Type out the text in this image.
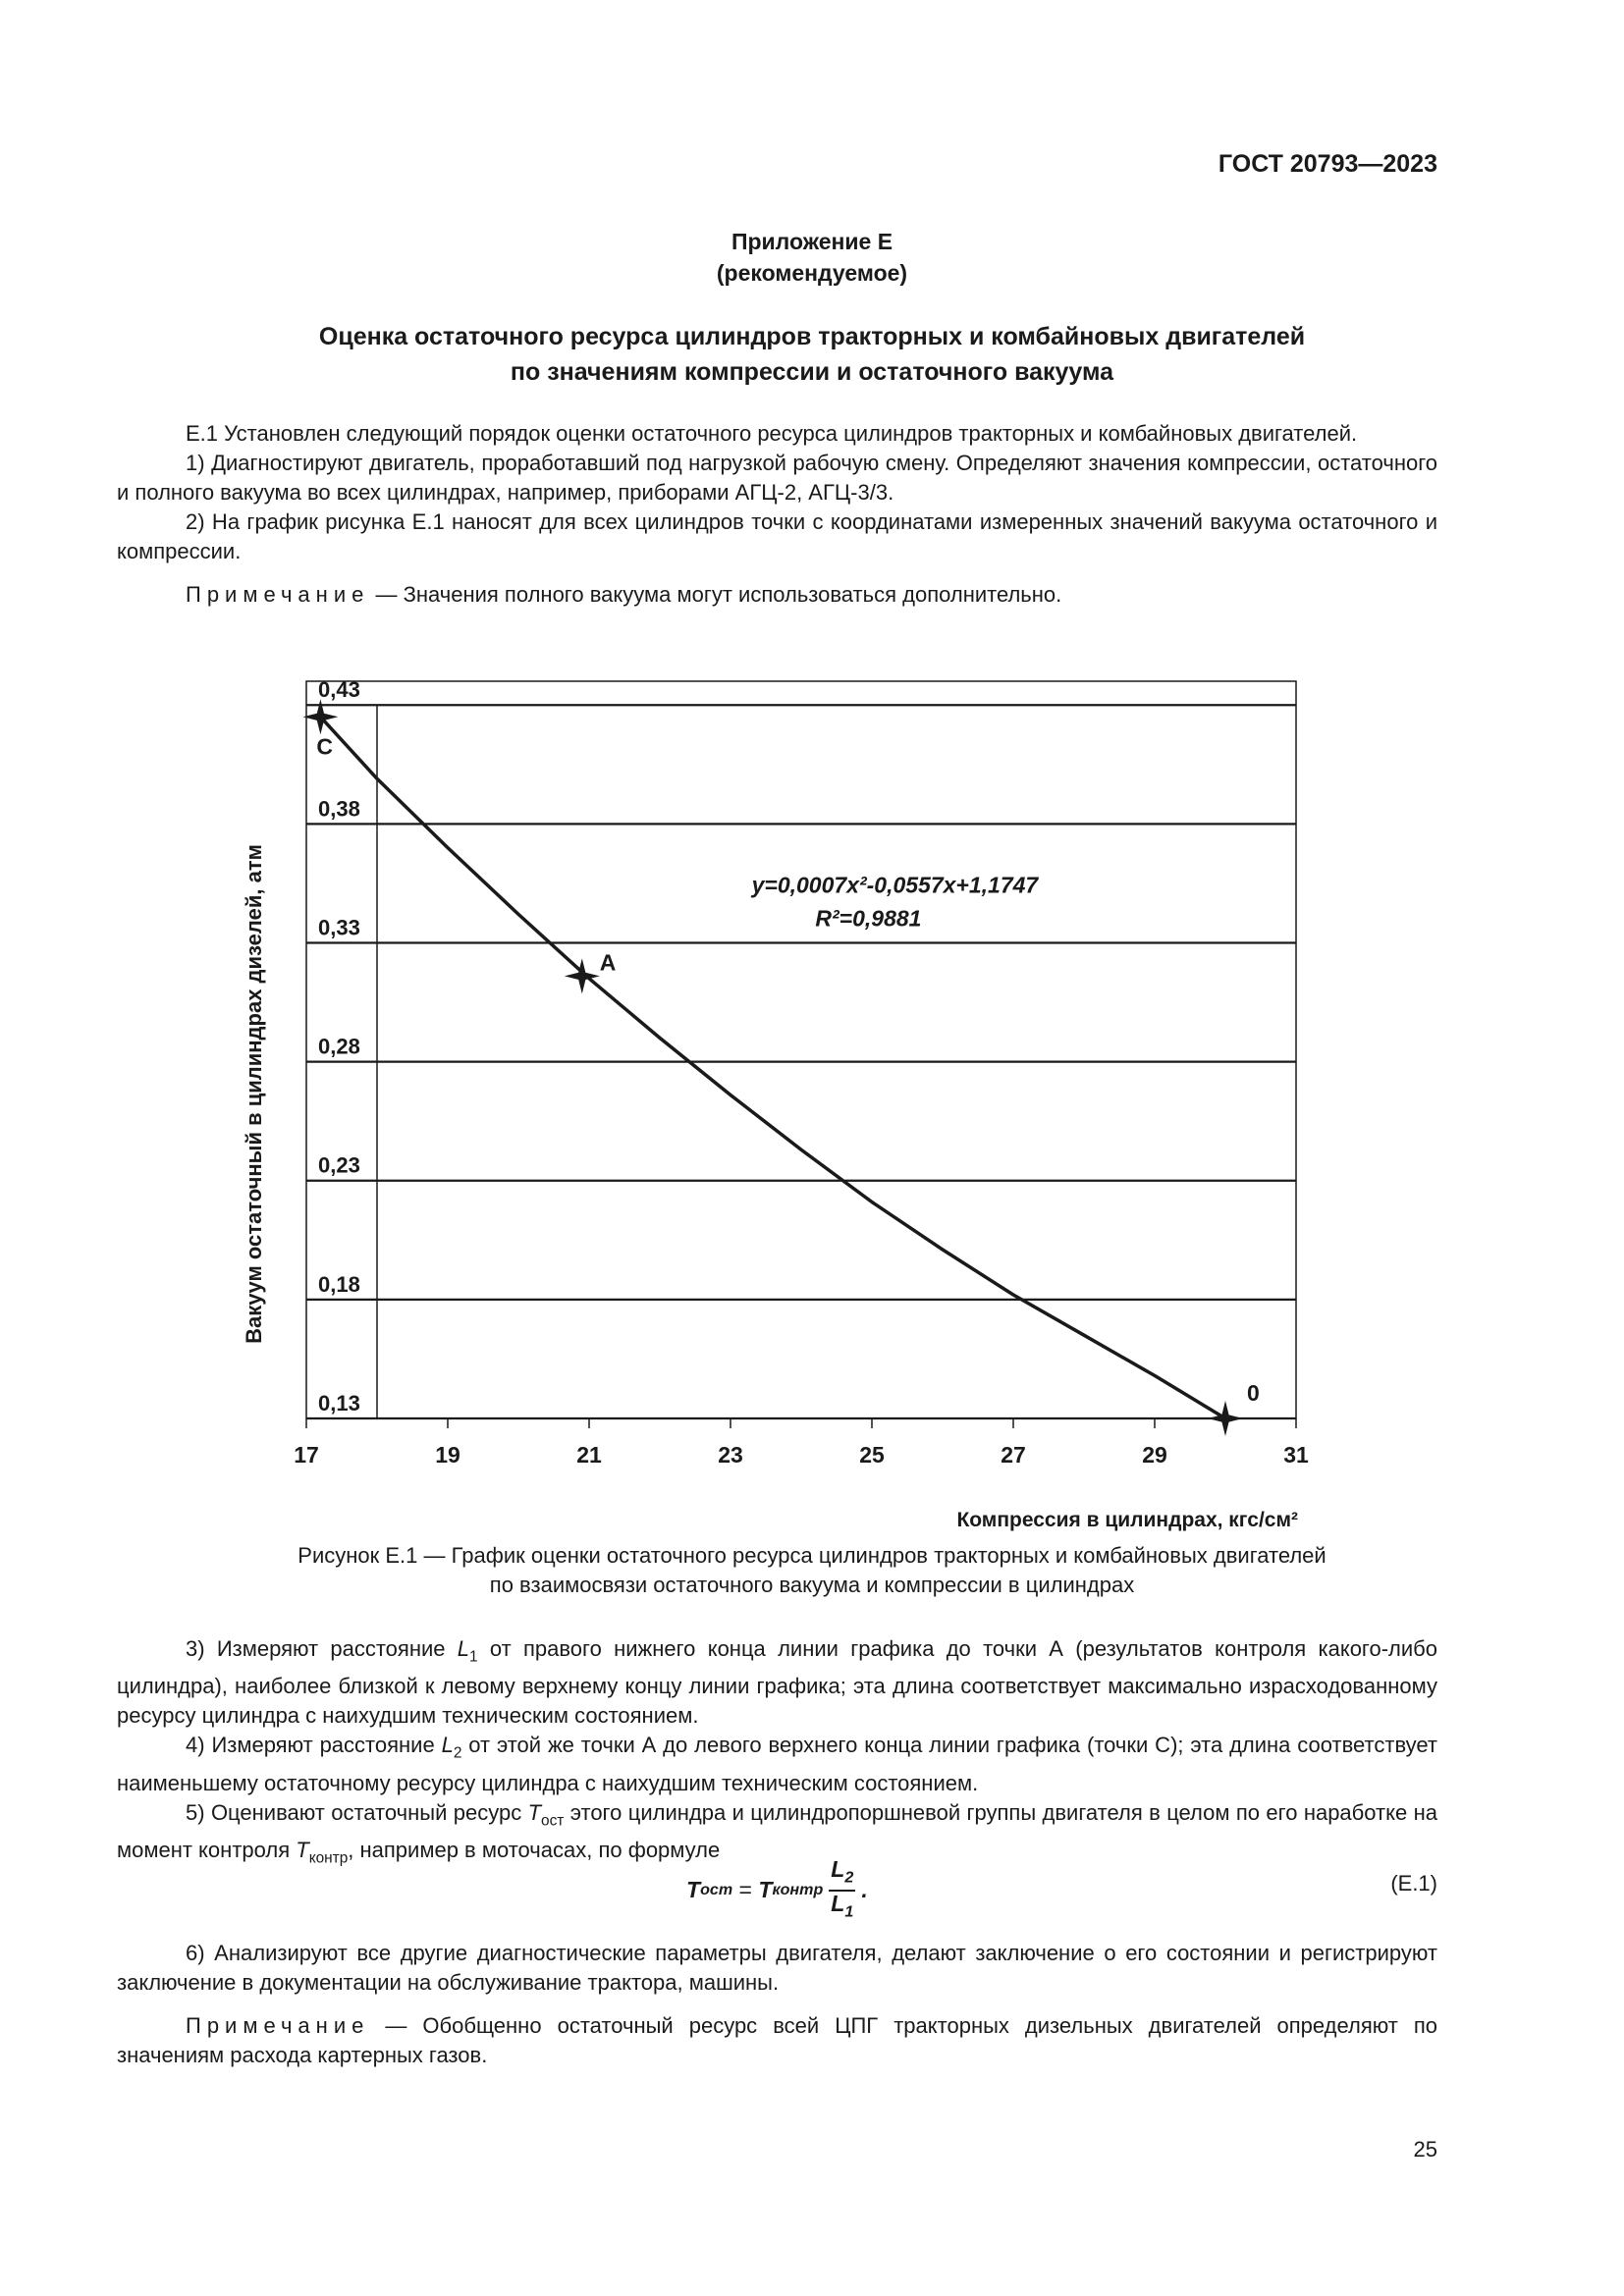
ГОСТ 20793—2023
Приложение Е
(рекомендуемое)
Оценка остаточного ресурса цилиндров тракторных и комбайновых двигателей
по значениям компрессии и остаточного вакуума

Е.1 Установлен следующий порядок оценки остаточного ресурса цилиндров тракторных и комбайновых двигателей.

1) Диагностируют двигатель, проработавший под нагрузкой рабочую смену. Определяют значения компрессии, остаточного и полного вакуума во всех цилиндрах, например, приборами АГЦ-2, АГЦ-3/3.

2) На график рисунка Е.1 наносят для всех цилиндров точки с координатами измеренных значений вакуума остаточного и компрессии.

Примечание — Значения полного вакуума могут использоваться дополнительно.

0,13
0,18
0,23
0,28
0,33
0,38
0,43
17	19	21	23	25	27	29	31
Компрессия в цилиндрах, кгс/см²
Вакуум остаточный в цилиндрах дизелей, атм	y=0,0007x²-0,0557x+1,1747
R²=0,9881
С
А
0
Рисунок Е.1 — График оценки остаточного ресурса цилиндров тракторных и комбайновых двигателей
по взаимосвязи остаточного вакуума и компрессии в цилиндрах

3) Измеряют расстояние $L_1$ от правого нижнего конца линии графика до точки А (результатов контроля какого-либо цилиндра), наиболее близкой к левому верхнему концу линии графика; эта длина соответствует максимально израсходованному ресурсу цилиндра с наихудшим техническим состоянием.

4) Измеряют расстояние $L_2$ от этой же точки А до левого верхнего конца линии графика (точки С); эта длина соответствует наименьшему остаточному ресурсу цилиндра с наихудшим техническим состоянием.

5) Оценивают остаточный ресурс $T_{ост}$ этого цилиндра и цилиндропоршневой группы двигателя в целом по его наработке на момент контроля $T_{контр}$, например в моточасах, по формуле

T ост = T контр $\frac{L_2}{L_1}$ .	(Е.1)

6) Анализируют все другие диагностические параметры двигателя, делают заключение о его состоянии и регистрируют заключение в документации на обслуживание трактора, машины.

Примечание — Обобщенно остаточный ресурс всей ЦПГ тракторных дизельных двигателей определяют по значениям расхода картерных газов.

25
